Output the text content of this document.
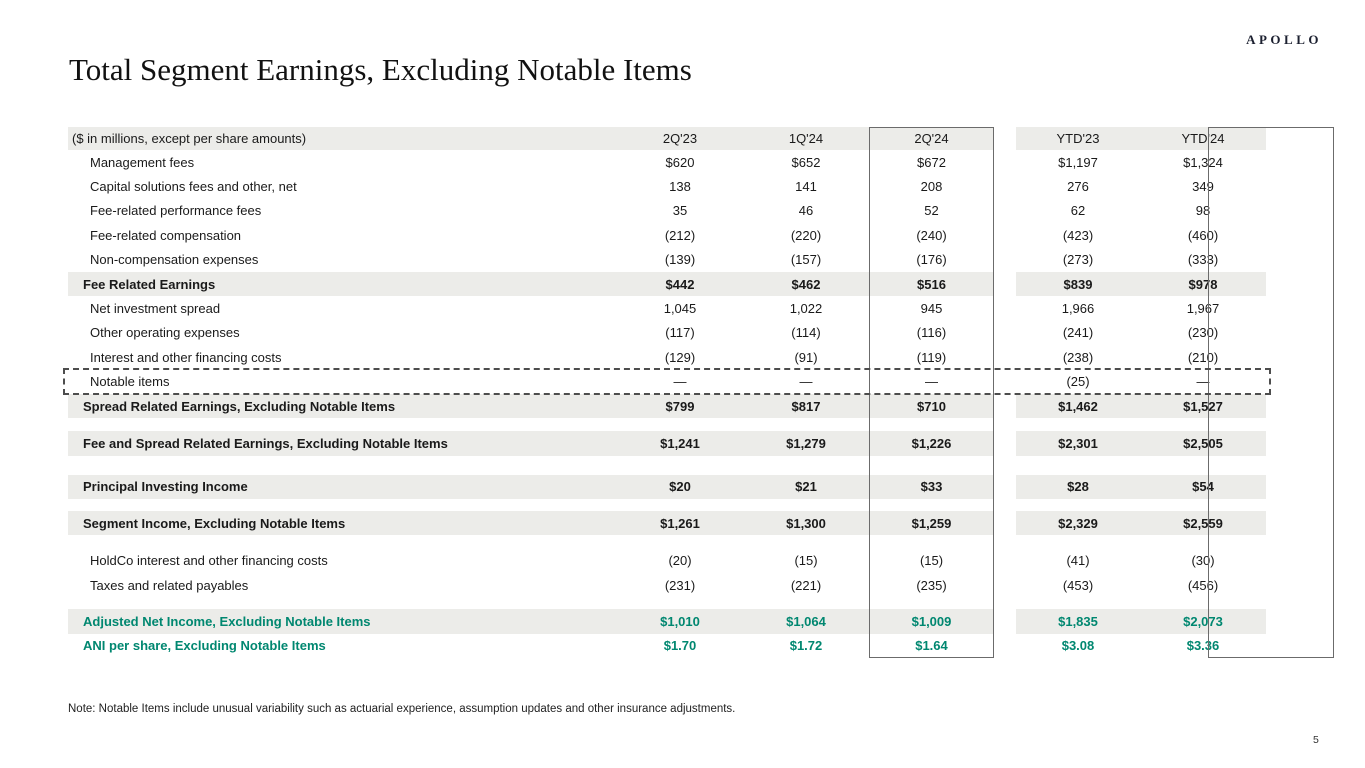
APOLLO
Total Segment Earnings, Excluding Notable Items
($ in millions, except per share amounts)	2Q'23	1Q'24	2Q'24	YTD'23	YTD'24
Management fees	$620	$652	$672	$1,197	$1,324
Capital solutions fees and other, net	138	141	208	276	349
Fee-related performance fees	35	46	52	62	98
Fee-related compensation	(212)	(220)	(240)	(423)	(460)
Non-compensation expenses	(139)	(157)	(176)	(273)	(333)
Fee Related Earnings	$442	$462	$516	$839	$978
Net investment spread	1,045	1,022	945	1,966	1,967
Other operating expenses	(117)	(114)	(116)	(241)	(230)
Interest and other financing costs	(129)	(91)	(119)	(238)	(210)
Notable items	—	—	—	(25)	—
Spread Related Earnings, Excluding Notable Items	$799	$817	$710	$1,462	$1,527
Fee and Spread Related Earnings, Excluding Notable Items	$1,241	$1,279	$1,226	$2,301	$2,505
Principal Investing Income	$20	$21	$33	$28	$54
Segment Income, Excluding Notable Items	$1,261	$1,300	$1,259	$2,329	$2,559
HoldCo interest and other financing costs	(20)	(15)	(15)	(41)	(30)
Taxes and related payables	(231)	(221)	(235)	(453)	(456)
Adjusted Net Income, Excluding Notable Items	$1,010	$1,064	$1,009	$1,835	$2,073
ANI per share, Excluding Notable Items	$1.70	$1.72	$1.64	$3.08	$3.36
Note: Notable Items include unusual variability such as actuarial experience, assumption updates and other insurance adjustments.
5
